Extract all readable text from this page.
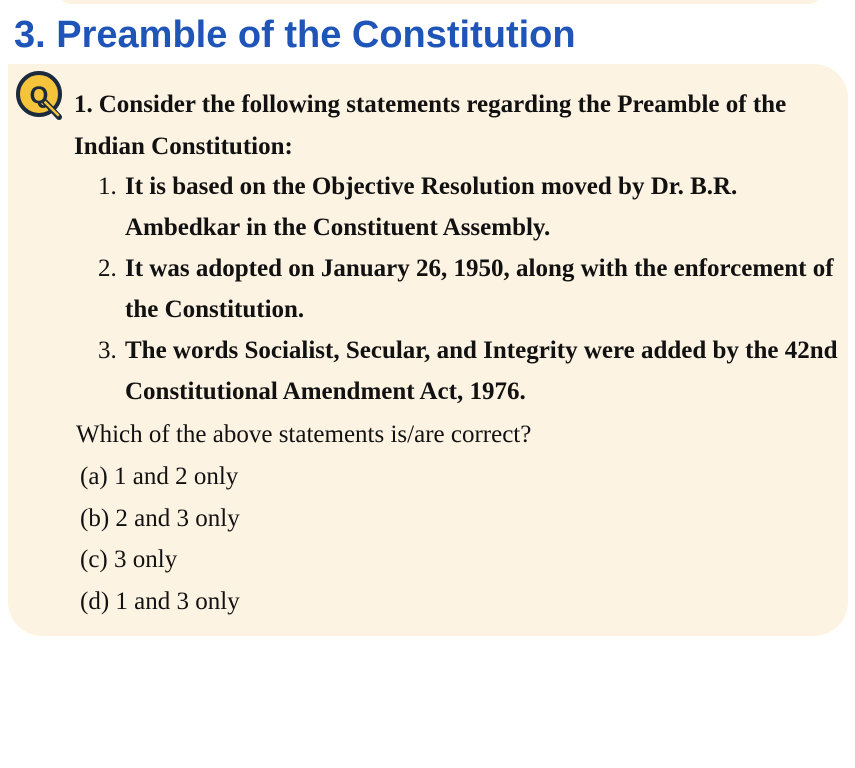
3. Preamble of the Constitution
Q 1. Consider the following statements regarding the Preamble of the Indian Constitution:
1. It is based on the Objective Resolution moved by Dr. B.R. Ambedkar in the Constituent Assembly.
2. It was adopted on January 26, 1950, along with the enforcement of the Constitution.
3. The words Socialist, Secular, and Integrity were added by the 42nd Constitutional Amendment Act, 1976.
Which of the above statements is/are correct?
(a) 1 and 2 only
(b) 2 and 3 only
(c) 3 only
(d) 1 and 3 only
